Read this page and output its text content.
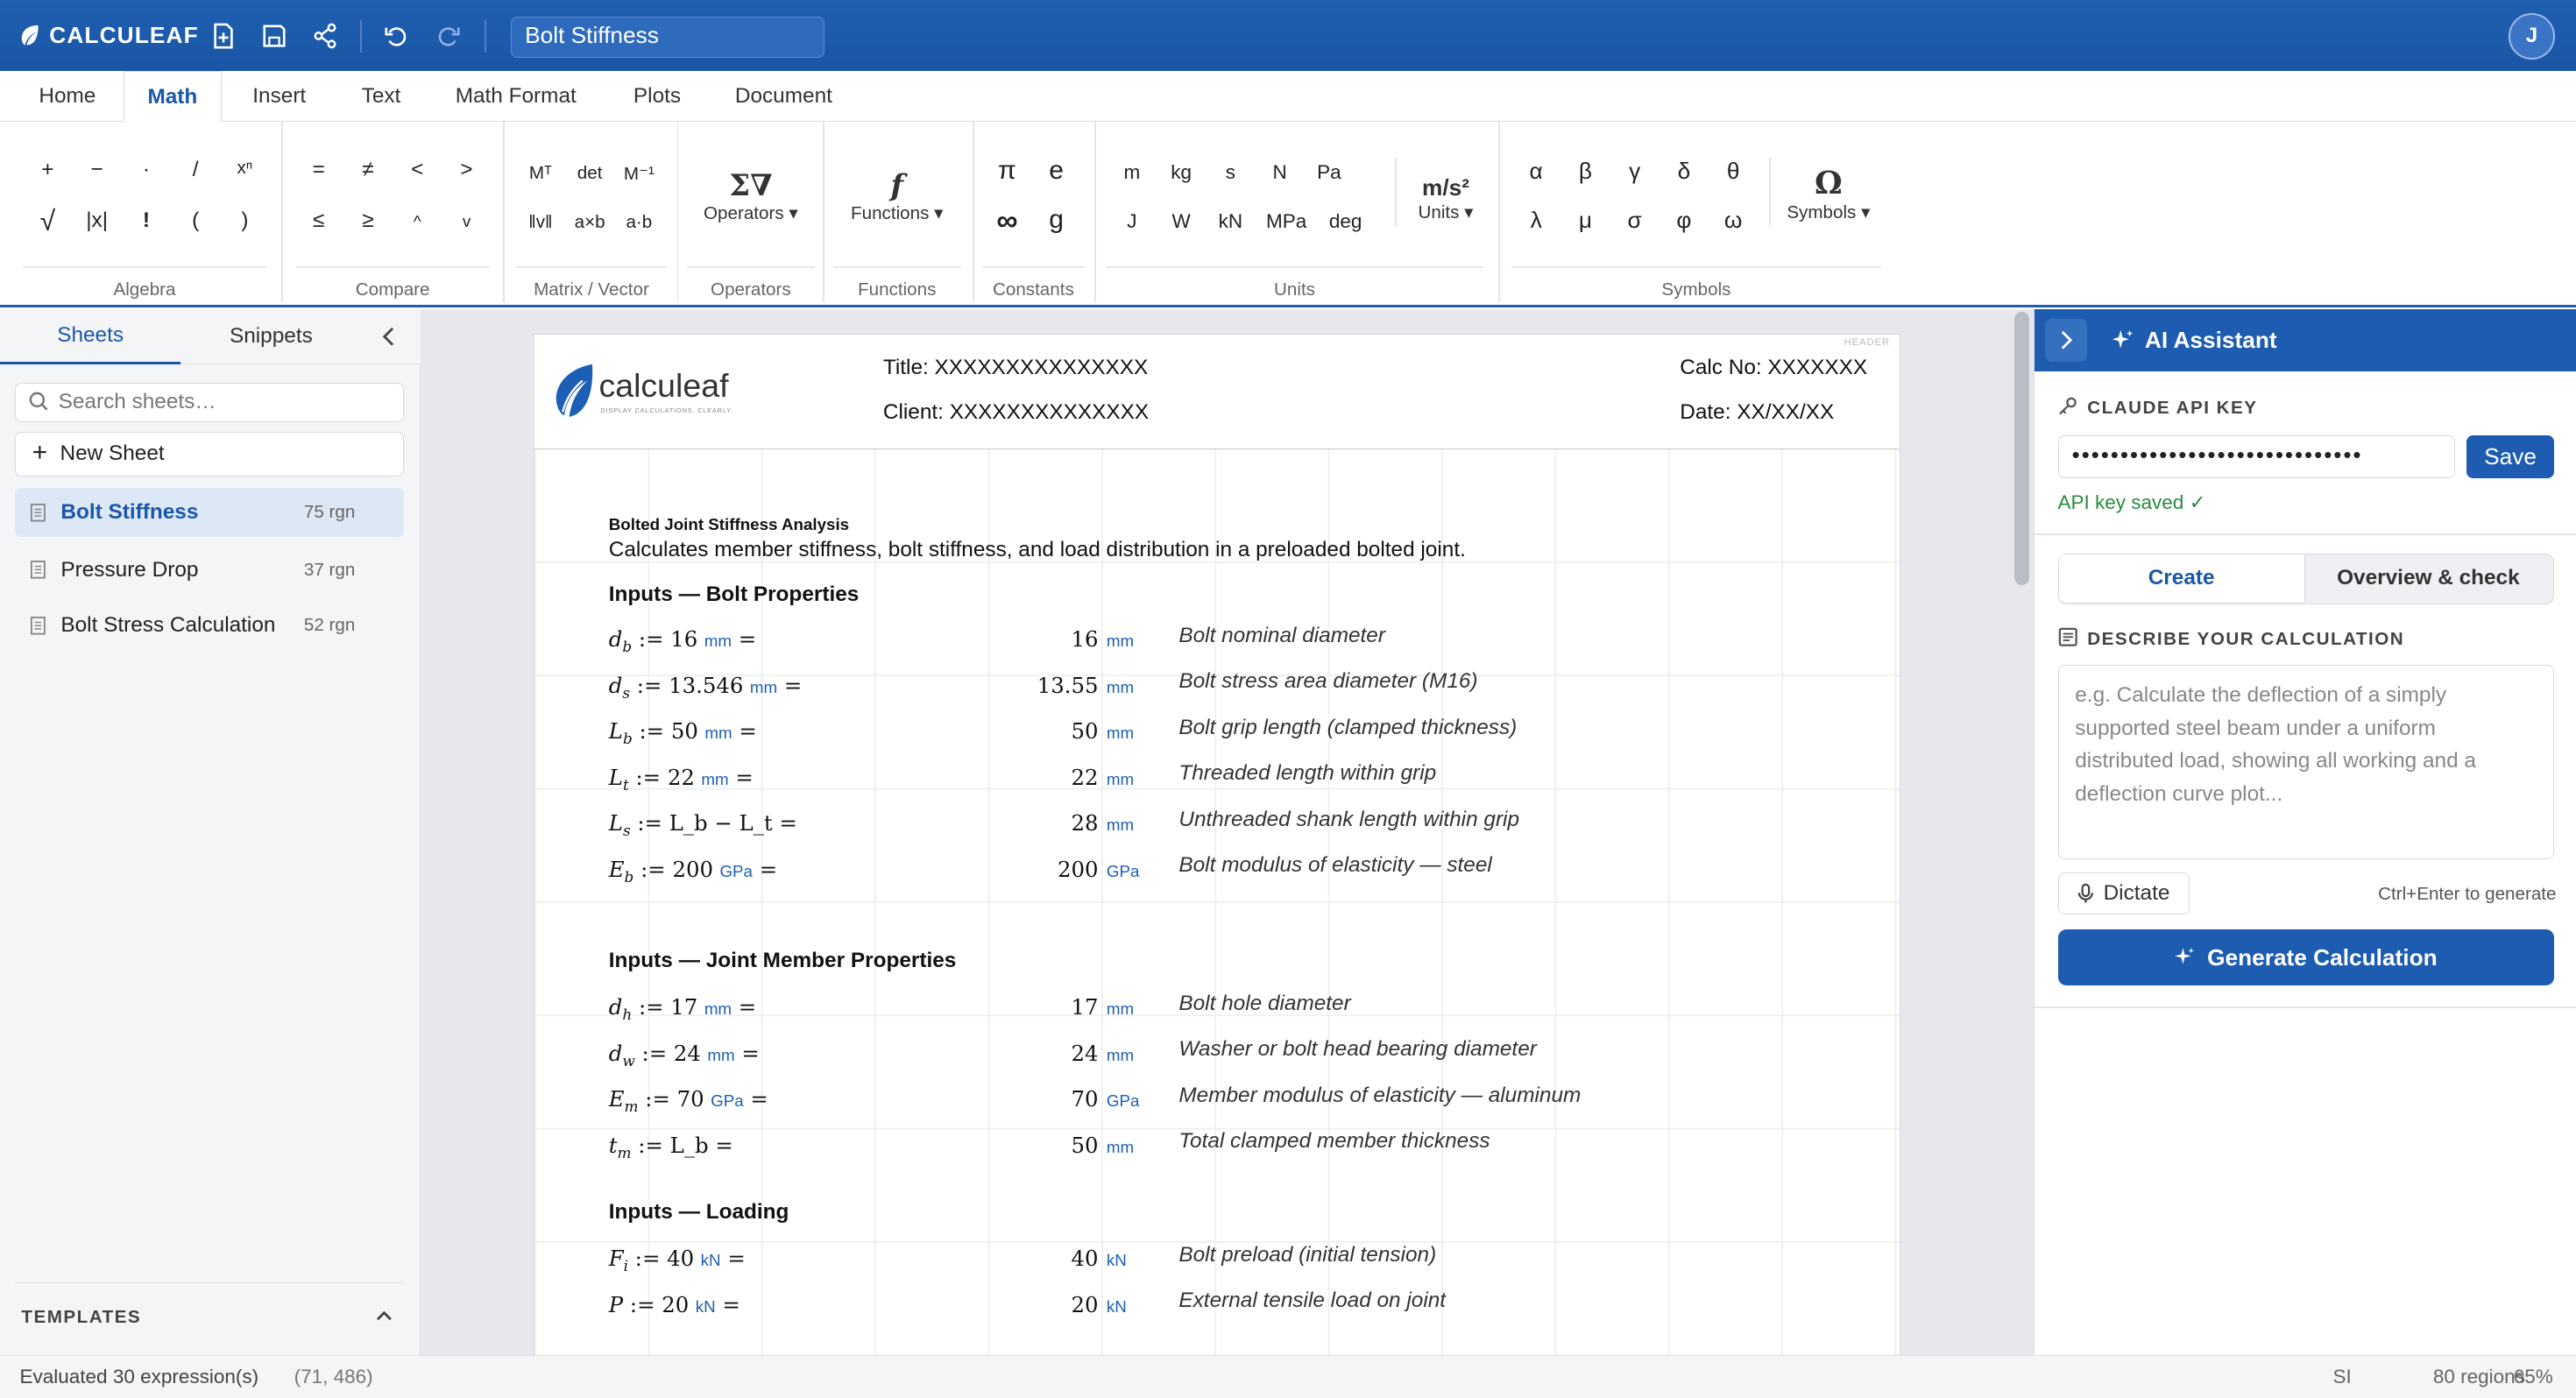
CALCULEAF	Bolt Stiffness	J
Home	Math	Insert	Text	Math Format	Plots	Document
+	−	·	/	xⁿ
√	|x|	!	(	)
Algebra
=	≠	<	>
≤	≥	^	v
Compare
Mᵀ	det	M⁻¹
‖v‖	a×b	a·b
Matrix / Vector
Σ∇
Operators ▾
Operators
f
Functions ▾
Functions
π	e
∞	g
Constants
m	kg	s	N	Pa
J	W	kN	MPa	deg
m/s²
Units ▾
Units
α	β	γ	δ	θ
λ	μ	σ	φ	ω
Ω
Symbols ▾
Symbols
Sheets	Snippets
Search sheets…
+ New Sheet
Bolt Stiffness	75 rgn
Pressure Drop	37 rgn
Bolt Stress Calculation	52 rgn
TEMPLATES
HEADER
calculeaf
DISPLAY CALCULATIONS. CLEARLY.
Title: XXXXXXXXXXXXXXX
Client: XXXXXXXXXXXXXX
Calc No: XXXXXXX
Date: XX/XX/XX
Bolted Joint Stiffness Analysis
Calculates member stiffness, bolt stiffness, and load distribution in a preloaded bolted joint.
Inputs — Bolt Properties
Inputs — Joint Member Properties
Inputs — Loading
$d_b$ := 16 mm =	16 mm	Bolt nominal diameter
$d_s$ := 13.546 mm =	13.55 mm	Bolt stress area diameter (M16)
$L_b$ := 50 mm =	50 mm	Bolt grip length (clamped thickness)
$L_t$ := 22 mm =	22 mm	Threaded length within grip
$L_s$ := L_b − L_t =	28 mm	Unthreaded shank length within grip
$E_b$ := 200 GPa =	200 GPa	Bolt modulus of elasticity — steel
$d_h$ := 17 mm =	17 mm	Bolt hole diameter
$d_w$ := 24 mm =	24 mm	Washer or bolt head bearing diameter
$E_m$ := 70 GPa =	70 GPa	Member modulus of elasticity — aluminum
$t_m$ := L_b =	50 mm	Total clamped member thickness
$F_i$ := 40 kN =	40 kN	Bolt preload (initial tension)
P := 20 kN =	20 kN	External tensile load on joint
AI Assistant
CLAUDE API KEY
••••••••••••••••••••••••••••••	Save
API key saved ✓
Create	Overview & check
DESCRIBE YOUR CALCULATION
e.g. Calculate the deflection of a simply supported steel beam under a uniform distributed load, showing all working and a deflection curve plot...
Dictate	Ctrl+Enter to generate
Generate Calculation
Evaluated 30 expression(s)	(71, 486)	SI	80 regions
65%
